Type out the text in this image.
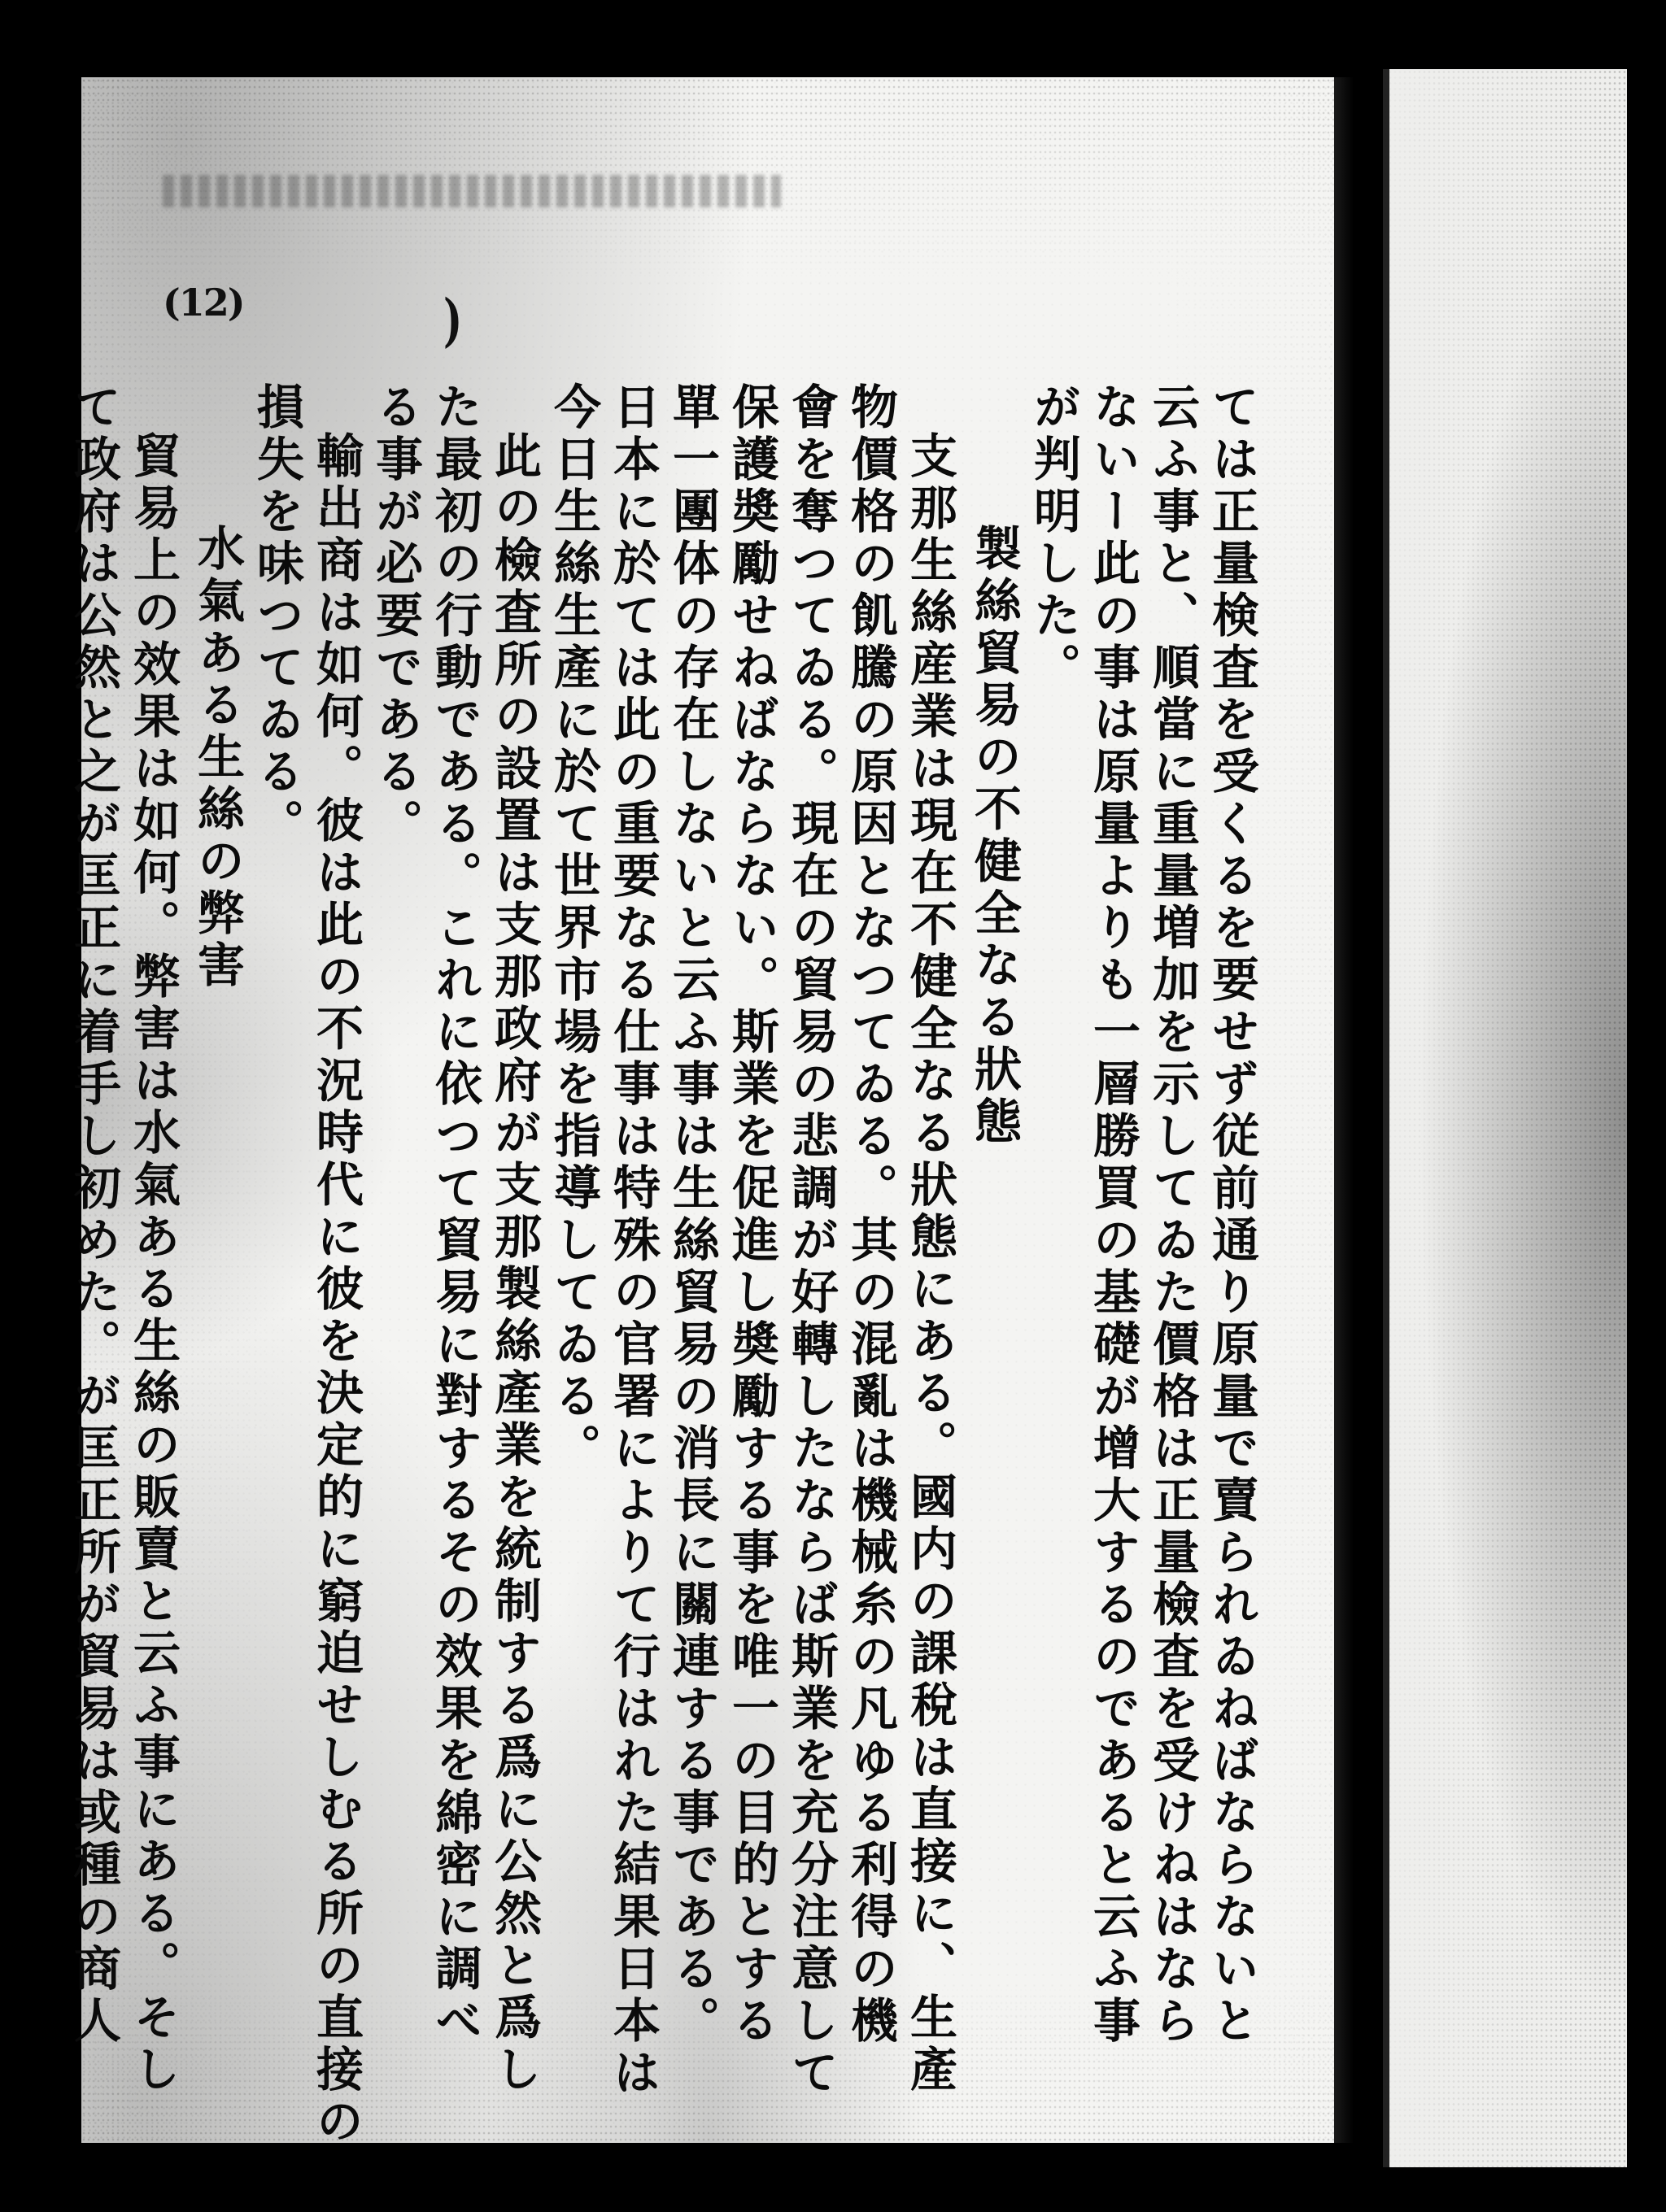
(12)	)
ては正量検査を受くるを要せず従前通り原量で賣られゐねばならないと
云ふ事と、順當に重量増加を示してゐた價格は正量檢査を受けねはなら
ないー此の事は原量よりも一層勝買の基礎が增大するのであると云ふ事
が判明した。
製絲貿易の不健全なる狀態
支那生絲産業は現在不健全なる狀態にある。國内の課稅は直接に、生產
物價格の飢騰の原因となつてゐる。其の混亂は機械糸の凡ゆる利得の機
會を奪つてゐる。現在の貿易の悲調が好轉したならば斯業を充分注意して
保護奬勵せねばならない。斯業を促進し奬勵する事を唯一の目的とする
單一團体の存在しないと云ふ事は生絲貿易の消長に關連する事である。
日本に於ては此の重要なる仕事は特殊の官署によりて行はれた結果日本は
今日生絲生產に於て世界市場を指導してゐる。
此の檢査所の設置は支那政府が支那製絲產業を統制する爲に公然と爲し
た最初の行動である。これに依つて貿易に對するその效果を綿密に調べ
る事が必要である。
輸出商は如何。彼は此の不況時代に彼を決定的に窮迫せしむる所の直接の
損失を味つてゐる。
水氣ある生絲の弊害
貿易上の效果は如何。弊害は水氣ある生絲の販賣と云ふ事にある。そし
て政府は公然と之が匡正に着手し初めた。が匡正所が貿易は或種の商人
